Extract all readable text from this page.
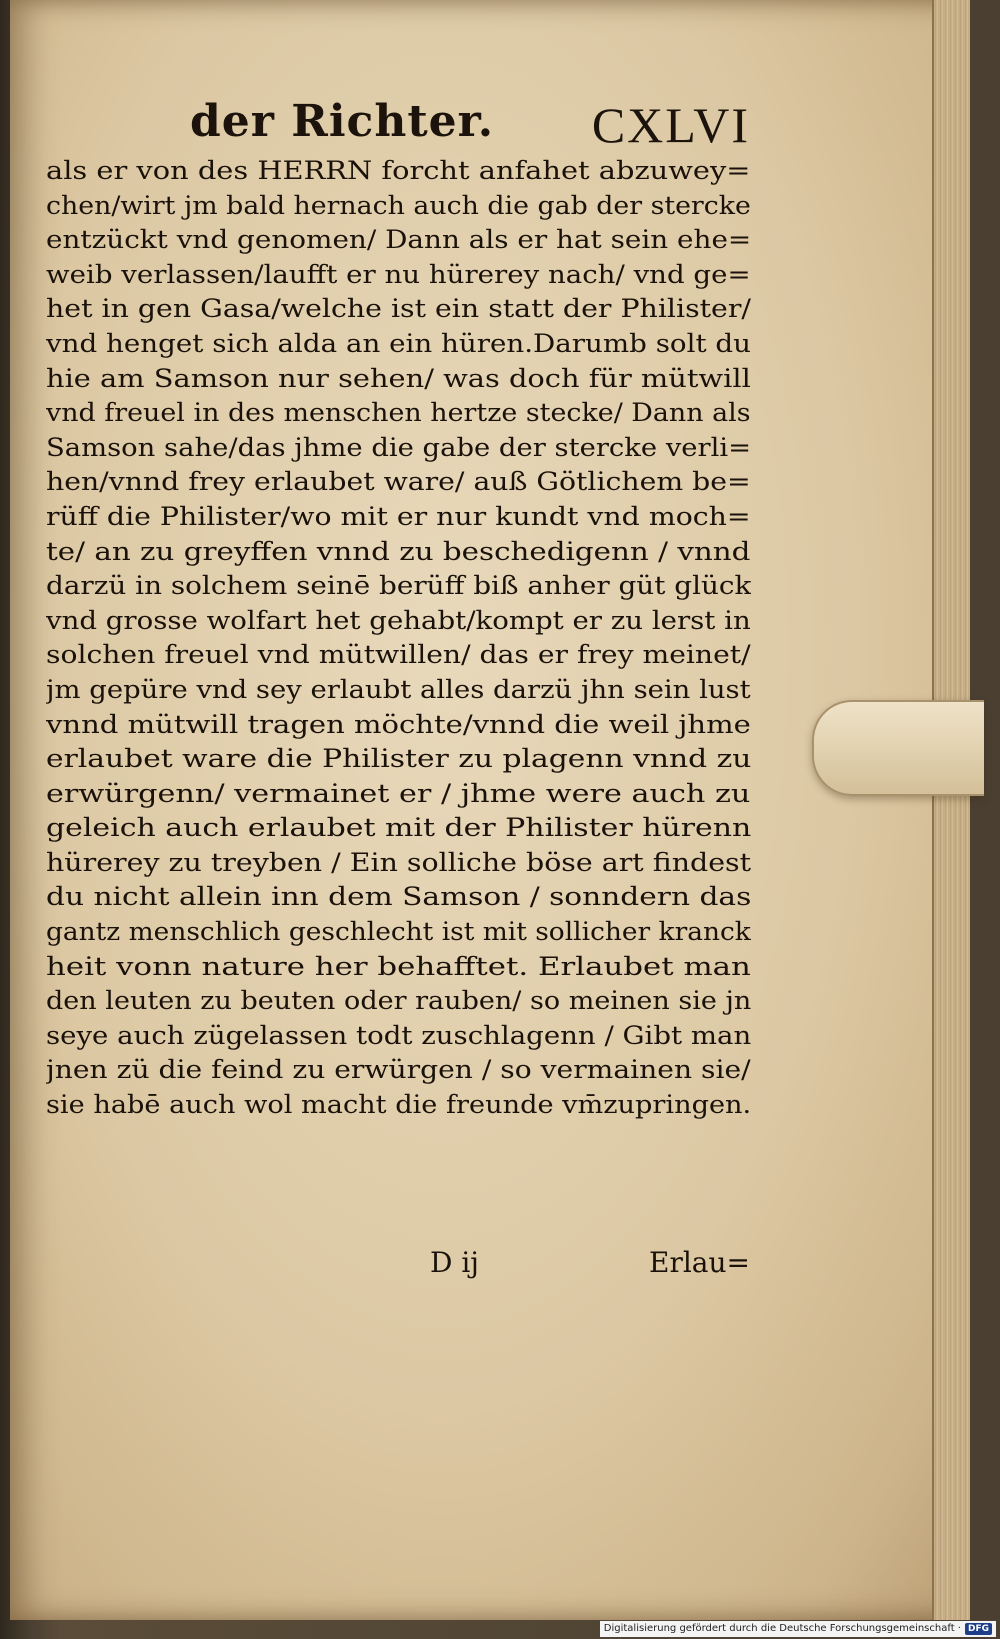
der Richter. CXLVI
als er von des HERRN forcht anfahet abzuwey=
chen/wirt jm bald hernach auch die gab der stercke
entzückt vnd genomen/ Dann als er hat sein ehe=
weib verlassen/laufft er nu hürerey nach/ vnd ge=
het in gen Gasa/welche ist ein statt der Philister/
vnd henget sich alda an ein hüren.Darumb solt du
hie am Samson nur sehen/ was doch für mütwill
vnd freuel in des menschen hertze stecke/ Dann als
Samson sahe/das jhme die gabe der stercke verli=
hen/vnnd frey erlaubet ware/ auß Götlichem be=
rüff die Philister/wo mit er nur kundt vnd moch=
te/ an zu greyffen vnnd zu beschedigenn / vnnd
darzü in solchem seinē berüff biß anher güt glück
vnd grosse wolfart het gehabt/kompt er zu lerst in
solchen freuel vnd mütwillen/ das er frey meinet/
jm gepüre vnd sey erlaubt alles darzü jhn sein lust
vnnd mütwill tragen möchte/vnnd die weil jhme
erlaubet ware die Philister zu plagenn vnnd zu
erwürgenn/ vermainet er / jhme were auch zu
geleich auch erlaubet mit der Philister hürenn
hürerey zu treyben / Ein solliche böse art findest
du nicht allein inn dem Samson / sonndern das
gantz menschlich geschlecht ist mit sollicher kranck
heit vonn nature her behafftet. Erlaubet man
den leuten zu beuten oder rauben/ so meinen sie jn
seye auch zügelassen todt zuschlagenn / Gibt man
jnen zü die feind zu erwürgen / so vermainen sie/
sie habē auch wol macht die freunde vm̄zupringen.
D ij	Erlau=
Digitalisierung gefördert durch die Deutsche Forschungsgemeinschaft · DFG
